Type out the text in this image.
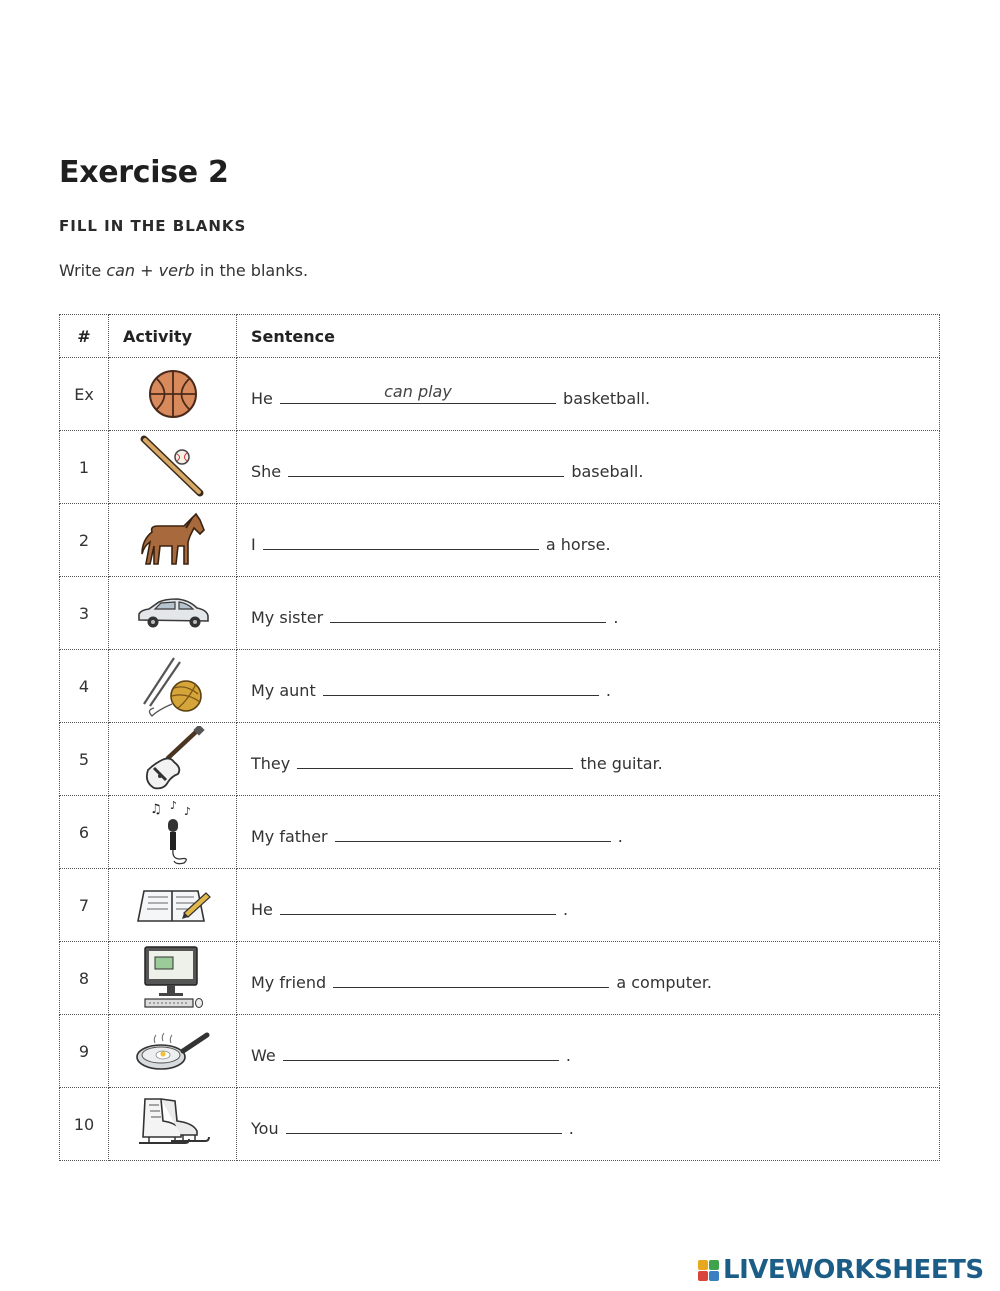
Exercise 2
FILL IN THE BLANKS

Write can + verb in the blanks.

#	Activity	Sentence
Ex		He can play basketball.
1		She baseball.
2		I a horse.
3		My sister .
4		My aunt .
5		They the guitar.
6	♫ ♪ ♪	My father .
7		He .
8		My friend a computer.
9		We .
10		You .
LIVEWORKSHEETS
